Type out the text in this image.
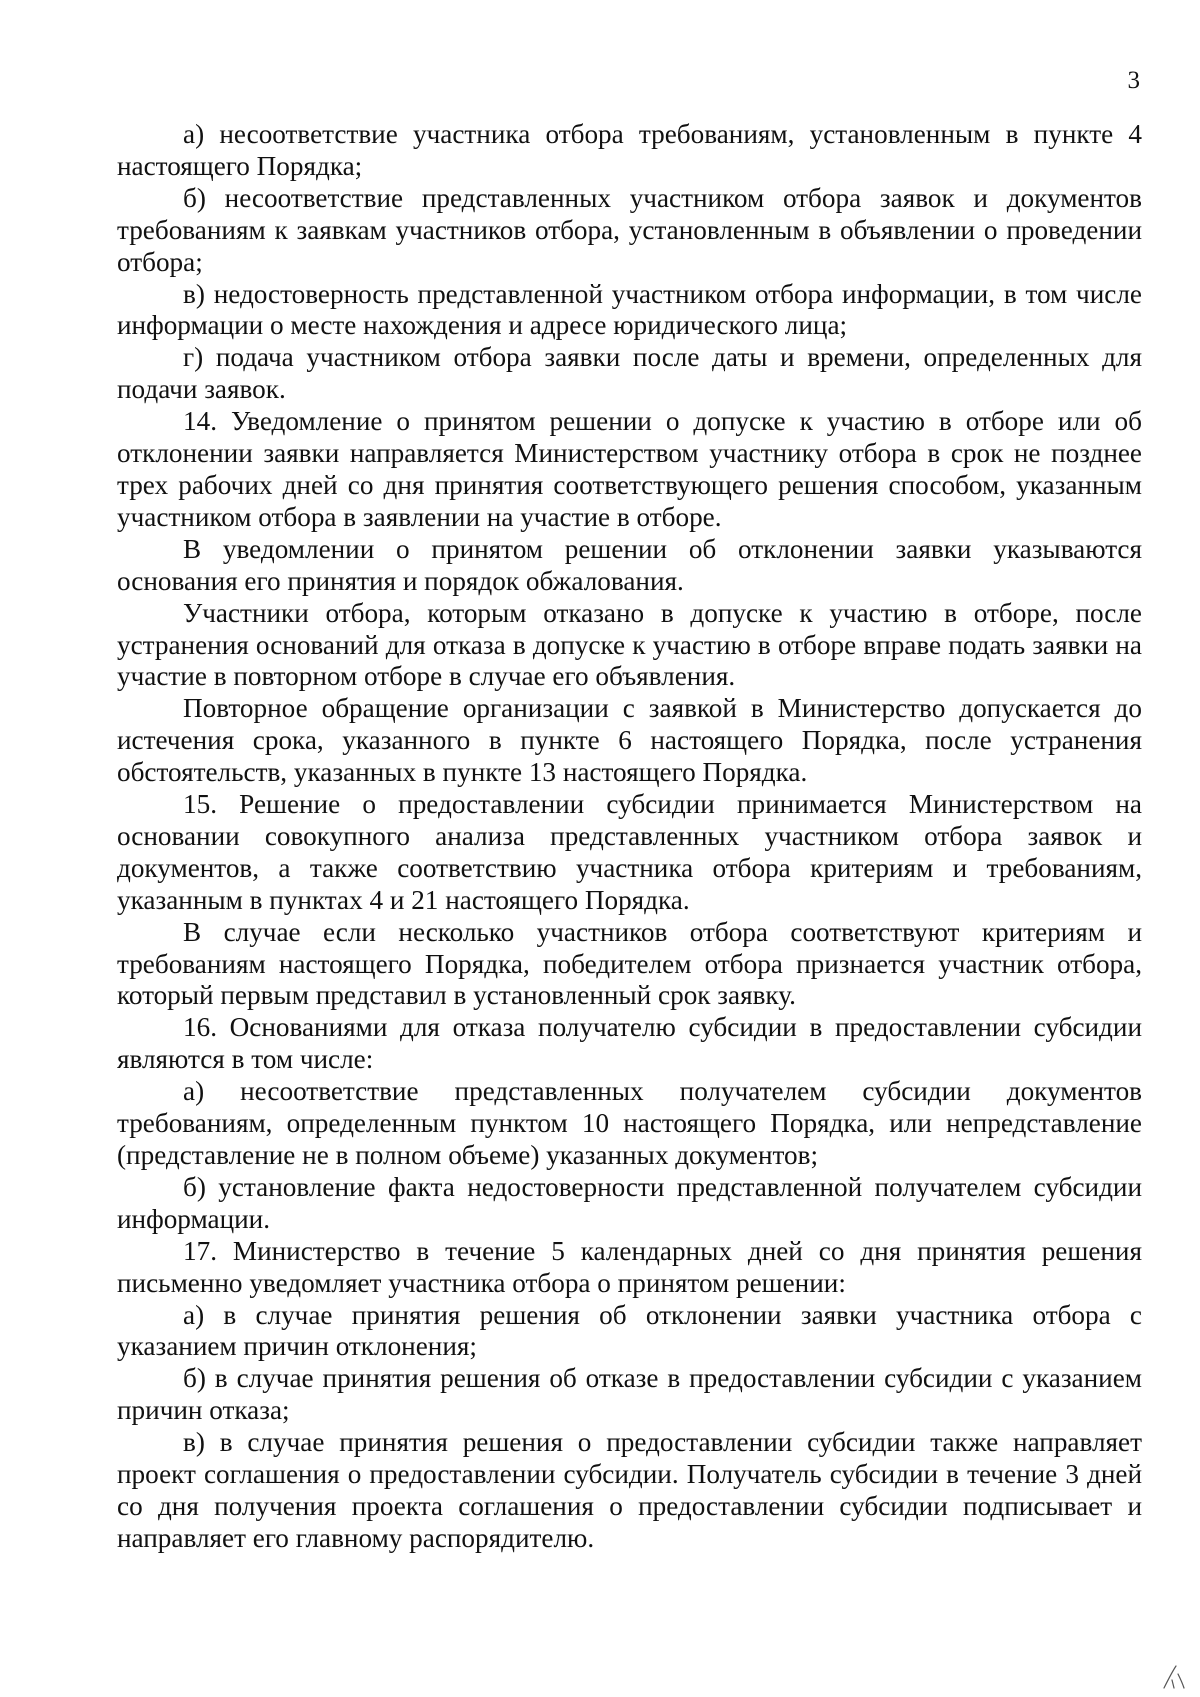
3

а) несоответствие участника отбора требованиям, установленным в пункте 4 настоящего Порядка;

б) несоответствие представленных участником отбора заявок и документов требованиям к заявкам участников отбора, установленным в объявлении о проведении отбора;

в) недостоверность представленной участником отбора информации, в том числе информации о месте нахождения и адресе юридического лица;

г) подача участником отбора заявки после даты и времени, определенных для подачи заявок.

14. Уведомление о принятом решении о допуске к участию в отборе или об отклонении заявки направляется Министерством участнику отбора в срок не позднее трех рабочих дней со дня принятия соответствующего решения способом, указанным участником отбора в заявлении на участие в отборе.

В уведомлении о принятом решении об отклонении заявки указываются основания его принятия и порядок обжалования.

Участники отбора, которым отказано в допуске к участию в отборе, после устранения оснований для отказа в допуске к участию в отборе вправе подать заявки на участие в повторном отборе в случае его объявления.

Повторное обращение организации с заявкой в Министерство допускается до истечения срока, указанного в пункте 6 настоящего Порядка, после устранения обстоятельств, указанных в пункте 13 настоящего Порядка.

15. Решение о предоставлении субсидии принимается Министерством на основании совокупного анализа представленных участником отбора заявок и документов, а также соответствию участника отбора критериям и требованиям, указанным в пунктах 4 и 21 настоящего Порядка.

В случае если несколько участников отбора соответствуют критериям и требованиям настоящего Порядка, победителем отбора признается участник отбора, который первым представил в установленный срок заявку.

16. Основаниями для отказа получателю субсидии в предоставлении субсидии являются в том числе:

а) несоответствие представленных получателем субсидии документов требованиям, определенным пунктом 10 настоящего Порядка, или непредставление (представление не в полном объеме) указанных документов;

б) установление факта недостоверности представленной получателем субсидии информации.

17. Министерство в течение 5 календарных дней со дня принятия решения письменно уведомляет участника отбора о принятом решении:

а) в случае принятия решения об отклонении заявки участника отбора с указанием причин отклонения;

б) в случае принятия решения об отказе в предоставлении субсидии с указанием причин отказа;

в) в случае принятия решения о предоставлении субсидии также направляет проект соглашения о предоставлении субсидии. Получатель субсидии в течение 3 дней со дня получения проекта соглашения о предоставлении субсидии подписывает и направляет его главному распорядителю.
